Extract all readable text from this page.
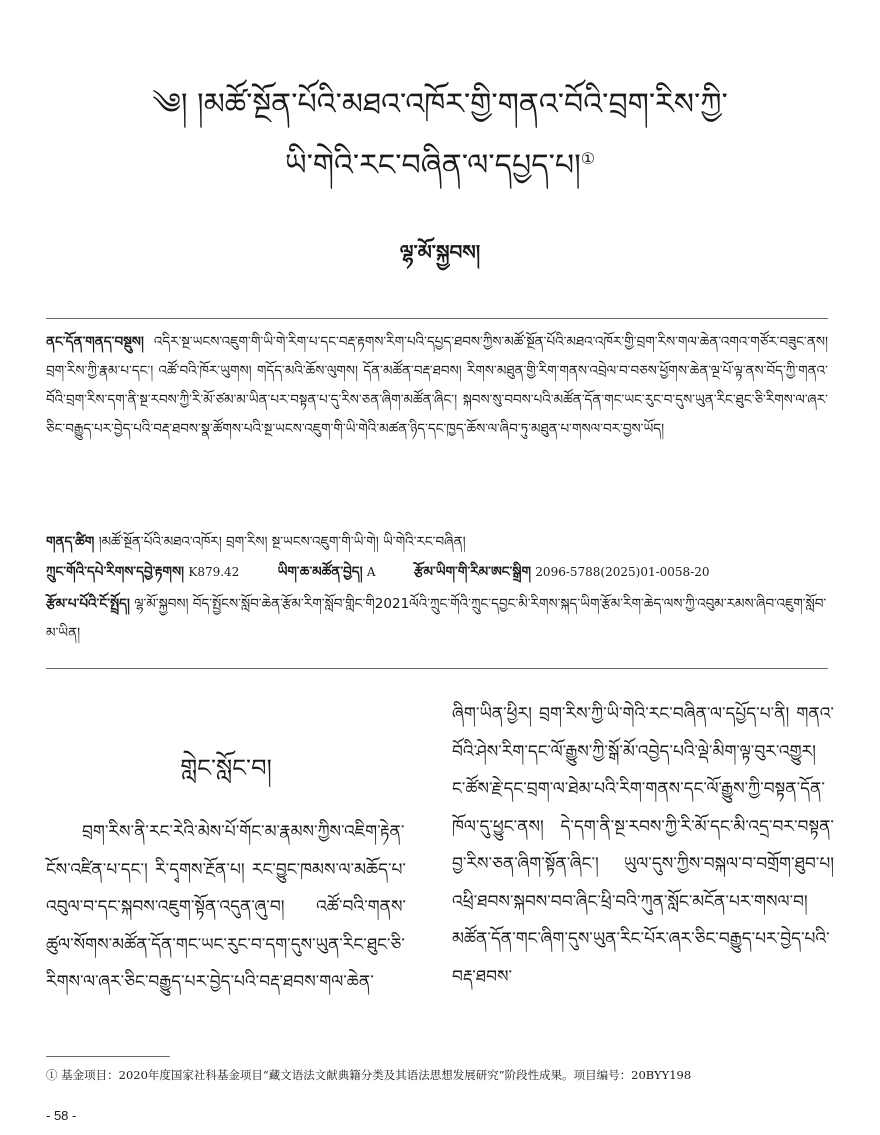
༄། །མཚོ་སྔོན་པོའི་མཐའ་འཁོར་གྱི་གནའ་བོའི་བྲག་རིས་ཀྱི་
ཡི་གེའི་རང་བཞིན་ལ་དཔྱད་པ།①
ལྷ་མོ་སྐྱབས།
ནང་དོན་གནད་བསྡུས། འདིར་སྔ་ཡངས་འཇུག་གི་ཡི་གེ་རིག་པ་དང་བརྡ་རྟགས་རིག་པའི་དཔྱད་ཐབས་ཀྱིས་མཚོ་སྔོན་པོའི་མཐའ་འཁོར་གྱི་བྲག་རིས་གལ་ཆེན་འགའ་གཙོར་བཟུང་ནས། བྲག་རིས་ཀྱི་རྣམ་པ་དང་། འཚོ་བའི་ཁོར་ཡུགས། གདོད་མའི་ཆོས་ལུགས། དོན་མཚོན་བརྡ་ཐབས། རིགས་མཐུན་གྱི་རིག་གནས་འབྲེལ་བ་བཅས་ཕྱོགས་ཆེན་ལྔ་པོ་ལྟ་ནས་བོད་ཀྱི་གནའ་བོའི་བྲག་རིས་དག་ནི་སྔ་རབས་ཀྱི་རི་མོ་ཙམ་མ་ཡིན་པར་བསྟན་པ་དུ་རིས་ཅན་ཞིག་མཚོན་ཞིང་། སྐབས་སུ་བབས་པའི་མཚོན་དོན་གང་ཡང་རུང་བ་དུས་ཡུན་རིང་ཐུང་ཅི་རིགས་ལ་ཞར་ཅིང་བརྒྱུད་པར་བྱེད་པའི་བརྡ་ཐབས་སྣ་ཚོགས་པའི་སྔ་ཡངས་འཇུག་གི་ཡི་གེའི་མཚན་ཉིད་དང་ཁྱད་ཆོས་ལ་ཞིབ་ཏུ་མཐུན་པ་གསལ་བར་བྱས་ཡོད།
གནད་ཚིག །མཚོ་སྔོན་པོའི་མཐའ་འཁོར། བྲག་རིས། སྔ་ཡངས་འཇུག་གི་ཡི་གེ། ཡི་གེའི་རང་བཞིན།
ཀྲུང་གོའི་དཔེ་རིགས་དབྱེ་རྟགས། K879.42	ཡིག་ཆ་མཚོན་བྱེད། A	རྩོམ་ཡིག་གི་རིམ་ཨང་སྒྲིག 2096-5788(2025)01-0058-20
རྩོམ་པ་པོའི་ངོ་སྤྲོད། ལྷ་མོ་སྐྱབས། བོད་སྤྱོངས་སློབ་ཆེན་རྩོམ་རིག་སློབ་གླིང་གི2021ལོའི་ཀྲུང་གོའི་ཀྲུང་དབྱང་མི་རིགས་སྐད་ཡིག་རྩོམ་རིག་ཆེད་ལས་ཀྱི་འབུམ་རམས་ཞིབ་འཇུག་སློབ་མ་ཡིན།
གླེང་སློང་བ།
བྲག་རིས་ནི་རང་རེའི་མེས་པོ་གོང་མ་རྣམས་ཀྱིས་འཇིག་རྟེན་ངོས་འཛིན་པ་དང་། རི་དྭགས་རྔོན་པ། རང་བྱུང་ཁམས་ལ་མཆོད་པ་འབུལ་བ་དང་སྐབས་འཇུག་སྟོན་འདུན་ཞུ་བ། འཚོ་བའི་གནས་ཚུལ་སོགས་མཚོན་དོན་གང་ཡང་རུང་བ་དག་དུས་ཡུན་རིང་ཐུང་ཅི་རིགས་ལ་ཞར་ཅིང་བརྒྱུད་པར་བྱེད་པའི་བརྡ་ཐབས་གལ་ཆེན་
ཞིག་ཡིན་ཕྱིར། བྲག་རིས་ཀྱི་ཡི་གེའི་རང་བཞིན་ལ་དཔྱོད་པ་ནི། གནའ་བོའི་ཤེས་རིག་དང་ལོ་རྒྱུས་ཀྱི་སྒོ་མོ་འབྱེད་པའི་ལྡེ་མིག་ལྟ་བུར་འགྱུར། ང་ཚོས་རྗེ་དང་བྲག་ལ་ཐེམ་པའི་རིག་གནས་དང་ལོ་རྒྱུས་ཀྱི་བསྟན་དོན་ཁོལ་དུ་ཕྱུང་ནས། དེ་དག་ནི་སྔ་རབས་ཀྱི་རི་མོ་དང་མི་འདྲ་བར་བསྟན་བྱ་རིས་ཅན་ཞིག་སྟོན་ཞིང་། ཡུལ་དུས་ཀྱིས་བསྐལ་བ་བགྲོག་ཐུབ་པ། འཕྲི་ཐབས་སྐབས་བབ་ཞིང་ཕྲི་བའི་ཀུན་སློང་མངོན་པར་གསལ་བ། མཚོན་དོན་གང་ཞིག་དུས་ཡུན་རིང་པོར་ཞར་ཅིང་བརྒྱུད་པར་བྱེད་པའི་བརྡ་ཐབས་
① 基金项目：2020年度国家社科基金项目“藏文语法文献典籍分类及其语法思想发展研究”阶段性成果。项目编号：20BYY198
- 58 -
